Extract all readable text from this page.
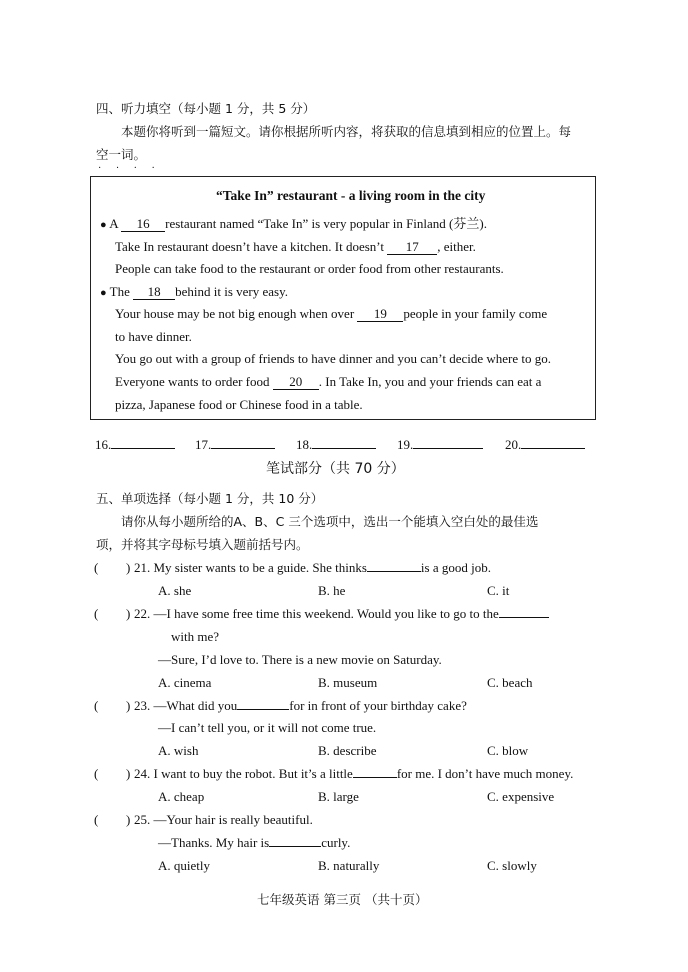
四、听力填空（每小题 1 分，共 5 分）
本题你将听到一篇短文。请你根据所听内容，将获取的信息填到相应的位置上。每
空一词。
· · · ·
“Take In” restaurant - a living room in the city
● A 16 restaurant named “Take In” is very popular in Finland (芬兰).
Take In restaurant doesn’t have a kitchen. It doesn’t 17 , either.
People can take food to the restaurant or order food from other restaurants.
● The 18 behind it is very easy.
Your house may be not big enough when over 19 people in your family come
to have dinner.
You go out with a group of friends to have dinner and you can’t decide where to go.
Everyone wants to order food 20 . In Take In, you and your friends can eat a
pizza, Japanese food or Chinese food in a table.
16.	17.	18.	19.	20.
笔试部分（共 70 分）
五、单项选择（每小题 1 分，共 10 分）
请你从每小题所给的A、B、C 三个选项中，选出一个能填入空白处的最佳选
项，并将其字母标号填入题前括号内。
( ) 21. My sister wants to be a guide. She thinks	is a good job.
A. she	B. he	C. it
( ) 22. —I have some free time this weekend. Would you like to go to the
with me?
—Sure, I’d love to. There is a new movie on Saturday.
A. cinema	B. museum	C. beach
( ) 23. —What did you	for in front of your birthday cake?
—I can’t tell you, or it will not come true.
A. wish	B. describe	C. blow
( ) 24. I want to buy the robot. But it’s a little	for me. I don’t have much money.
A. cheap	B. large	C. expensive
( ) 25. —Your hair is really beautiful.
—Thanks. My hair is	curly.
A. quietly	B. naturally	C. slowly
七年级英语 第三页 （共十页）
